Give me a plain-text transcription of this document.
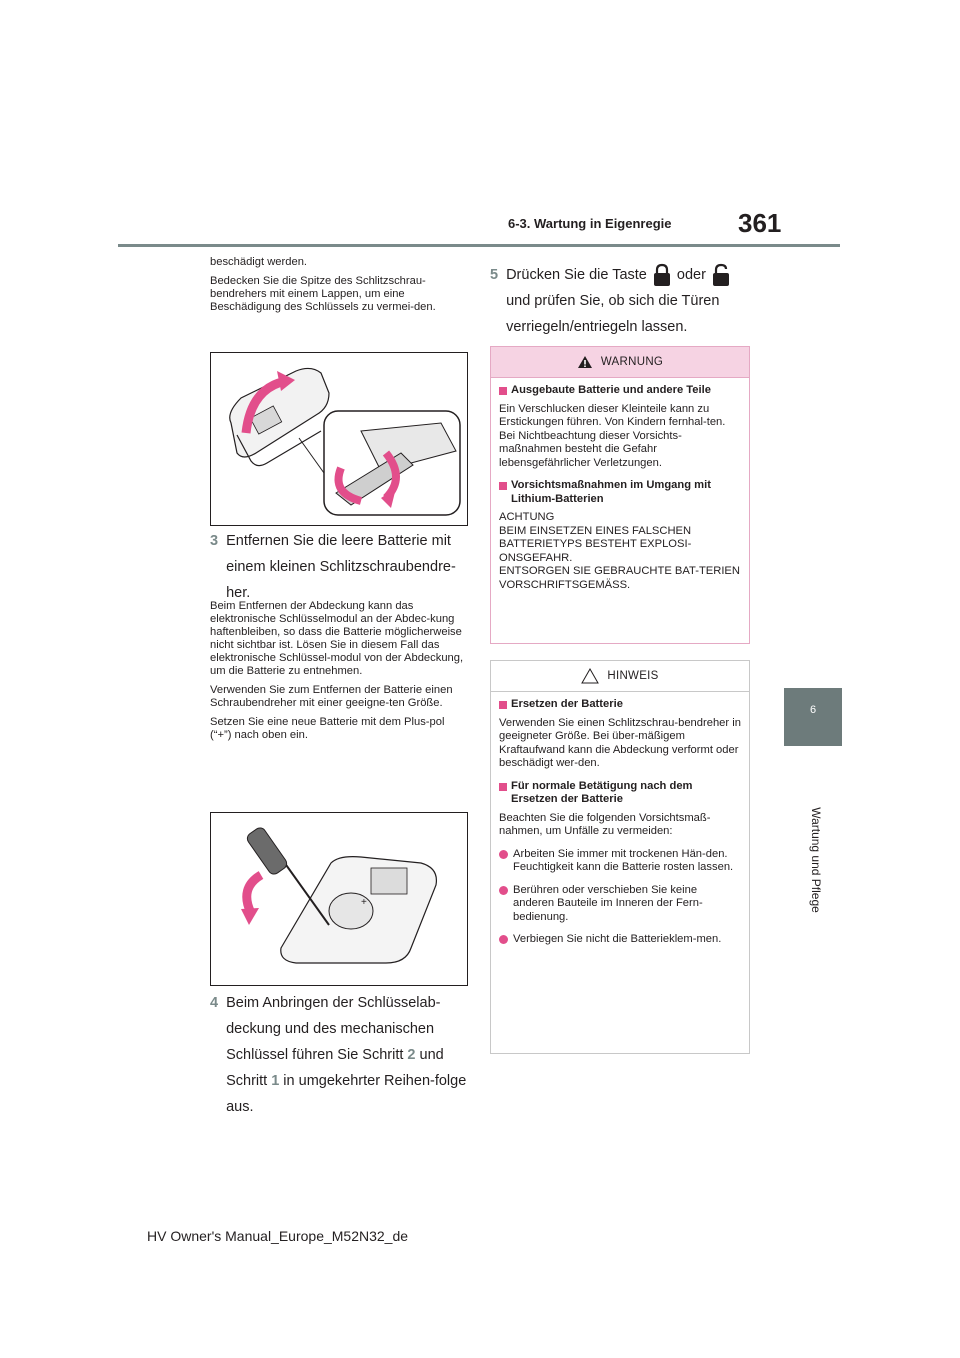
6-3. Wartung in Eigenregie	361
6
Wartung und Pflege

beschädigt werden.

Bedecken Sie die Spitze des Schlitzschrau-bendrehers mit einem Lappen, um eine Beschädigung des Schlüssels zu vermei-den.

3 Entfernen Sie die leere Batterie mit einem kleinen Schlitzschraubendre-her.

Beim Entfernen der Abdeckung kann das elektronische Schlüsselmodul an der Abdec-kung haftenbleiben, so dass die Batterie möglicherweise nicht sichtbar ist. Lösen Sie in diesem Fall das elektronische Schlüssel-modul von der Abdeckung, um die Batterie zu entnehmen.

Verwenden Sie zum Entfernen der Batterie einen Schraubendreher mit einer geeigne-ten Größe.

Setzen Sie eine neue Batterie mit dem Plus-pol (“+”) nach oben ein.

+
4 Beim Anbringen der Schlüsselab-deckung und des mechanischen Schlüssel führen Sie Schritt 2 und Schritt 1 in umgekehrter Reihen-folge aus.
5 Drücken Sie die Taste oder
und prüfen Sie, ob sich die Türen verriegeln/entriegeln lassen.
WARNUNG
Ausgebaute Batterie und andere Teile

Ein Verschlucken dieser Kleinteile kann zu Erstickungen führen. Von Kindern fernhal-ten. Bei Nichtbeachtung dieser Vorsichts-maßnahmen besteht die Gefahr lebensgefährlicher Verletzungen.

Vorsichtsmaßnahmen im Umgang mit Lithium-Batterien
ACHTUNG
BEIM EINSETZEN EINES FALSCHEN BATTERIETYPS BESTEHT EXPLOSI-ONSGEFAHR.
ENTSORGEN SIE GEBRAUCHTE BAT-TERIEN VORSCHRIFTSGEMÄSS.
HINWEIS
Ersetzen der Batterie

Verwenden Sie einen Schlitzschrau-bendreher in geeigneter Größe. Bei über-mäßigem Kraftaufwand kann die Abdeckung verformt oder beschädigt wer-den.

Für normale Betätigung nach dem Ersetzen der Batterie

Beachten Sie die folgenden Vorsichtsmaß-nahmen, um Unfälle zu vermeiden:

Arbeiten Sie immer mit trockenen Hän-den.
Feuchtigkeit kann die Batterie rosten lassen.
Berühren oder verschieben Sie keine anderen Bauteile im Inneren der Fern-bedienung.
Verbiegen Sie nicht die Batterieklem-men.
HV Owner's Manual_Europe_M52N32_de
